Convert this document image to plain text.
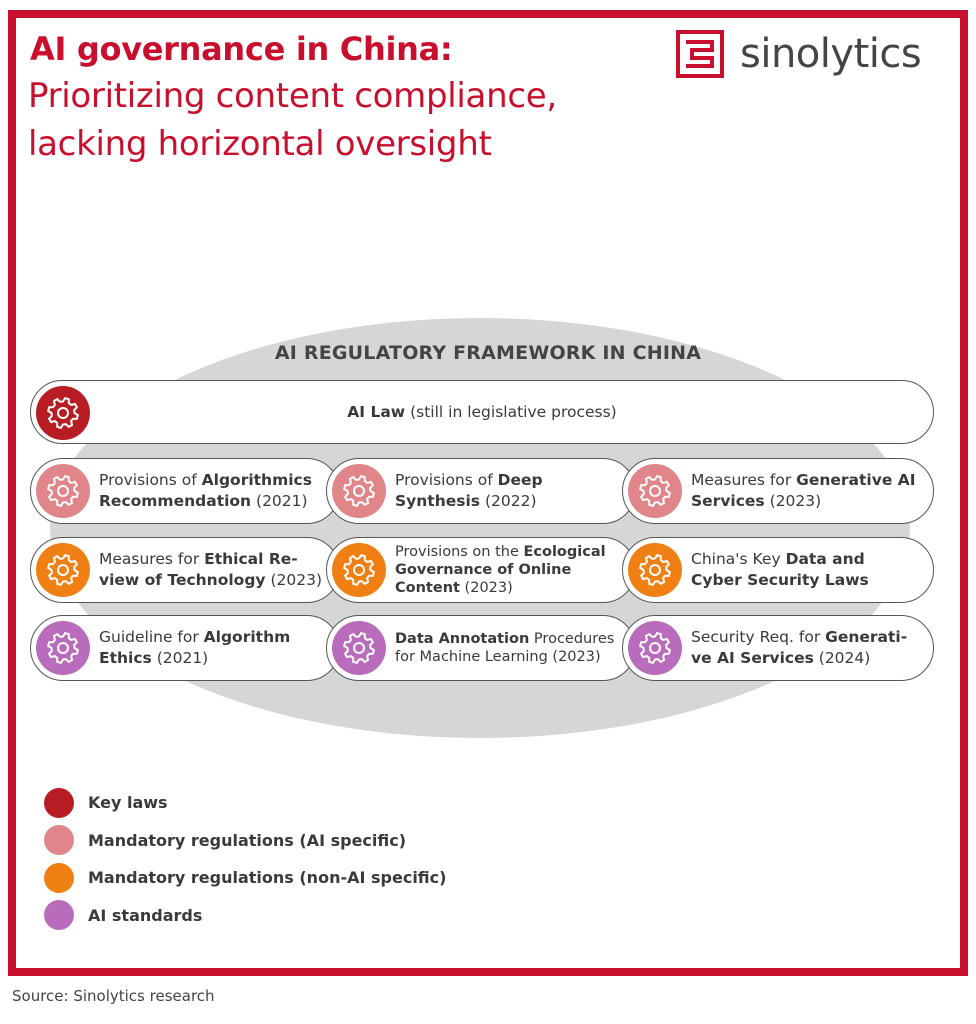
AI governance in China:
Prioritizing content compliance,
lacking horizontal oversight
sinolytics
AI REGULATORY FRAMEWORK IN CHINA
AI Law (still in legislative process)
Provisions of Algorithmics Recommendation (2021)
Provisions of Deep Synthesis (2022)
Measures for Generative AI Services (2023)
Measures for Ethical Re-view of Technology (2023)
Provisions on the Ecological Governance of Online Content (2023)
China's Key Data and Cyber Security Laws
Guideline for Algorithm Ethics (2021)
Data Annotation Procedures for Machine Learning (2023)
Security Req. for Generati-ve AI Services (2024)
Key laws
Mandatory regulations (AI specific)
Mandatory regulations (non-AI specific)
AI standards
Source: Sinolytics research
